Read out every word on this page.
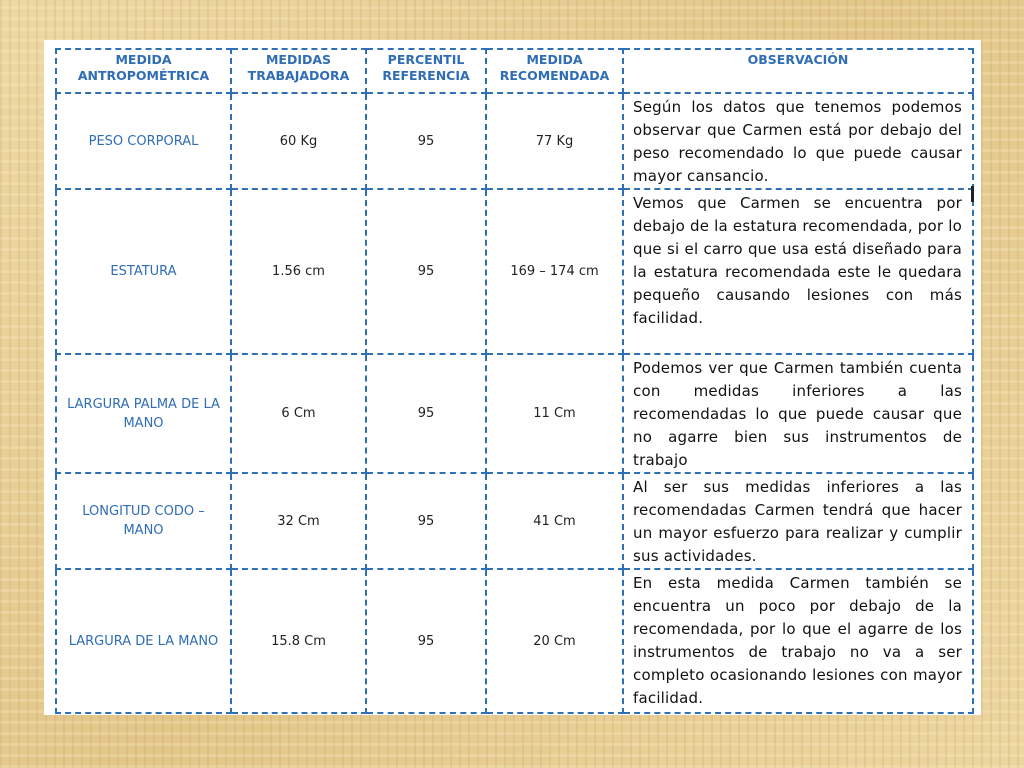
MEDIDA ANTROPOMÉTRICA	MEDIDAS TRABAJADORA	PERCENTIL REFERENCIA	MEDIDA RECOMENDADA	OBSERVACIÓN
PESO CORPORAL	60 Kg	95	77 Kg	Según los datos que tenemos podemos observar que Carmen está por debajo del peso recomendado lo que puede causar mayor cansancio.
ESTATURA	1.56 cm	95	169 – 174 cm	Vemos que Carmen se encuentra por debajo de la estatura recomendada, por lo que si el carro que usa está diseñado para la estatura recomendada este le quedara pequeño causando lesiones con más facilidad.
LARGURA PALMA DE LA MANO	6 Cm	95	11 Cm	Podemos ver que Carmen también cuenta con medidas inferiores a las recomendadas lo que puede causar que no agarre bien sus instrumentos de trabajo
LONGITUD CODO – MANO	32 Cm	95	41 Cm	Al ser sus medidas inferiores a las recomendadas Carmen tendrá que hacer un mayor esfuerzo para realizar y cumplir sus actividades.
LARGURA DE LA MANO	15.8 Cm	95	20 Cm	En esta medida Carmen también se encuentra un poco por debajo de la recomendada, por lo que el agarre de los instrumentos de trabajo no va a ser completo ocasionando lesiones con mayor facilidad.
